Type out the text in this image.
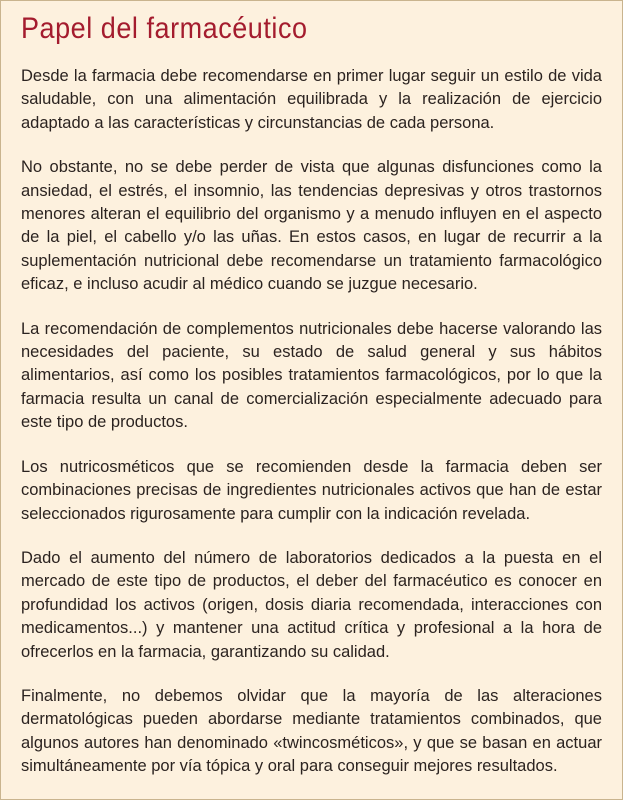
Papel del farmacéutico

Desde la farmacia debe recomendarse en primer lugar seguir un estilo de vida saludable, con una alimentación equilibrada y la realización de ejercicio adaptado a las características y circunstancias de cada persona.

No obstante, no se debe perder de vista que algunas disfunciones como la ansiedad, el estrés, el insomnio, las tendencias depresivas y otros trastornos menores alteran el equilibrio del organismo y a menudo influyen en el aspecto de la piel, el cabello y/o las uñas. En estos casos, en lugar de recurrir a la suplementación nutricional debe recomendarse un tratamiento farmacológico eficaz, e incluso acudir al médico cuando se juzgue necesario.

La recomendación de complementos nutricionales debe hacerse valorando las necesidades del paciente, su estado de salud general y sus hábitos alimentarios, así como los posibles tratamientos farmacológicos, por lo que la farmacia resulta un canal de comercialización especialmente adecuado para este tipo de productos.

Los nutricosméticos que se recomienden desde la farmacia deben ser combinaciones precisas de ingredientes nutricionales activos que han de estar seleccionados rigurosamente para cumplir con la indicación revelada.

Dado el aumento del número de laboratorios dedicados a la puesta en el mercado de este tipo de productos, el deber del farmacéutico es conocer en profundidad los activos (origen, dosis diaria recomendada, interacciones con medicamentos...) y mantener una actitud crítica y profesional a la hora de ofrecerlos en la farmacia, garantizando su calidad.

Finalmente, no debemos olvidar que la mayoría de las alteraciones dermatológicas pueden abordarse mediante tratamientos combinados, que algunos autores han denominado «twincosméticos», y que se basan en actuar simultáneamente por vía tópica y oral para conseguir mejores resultados.
